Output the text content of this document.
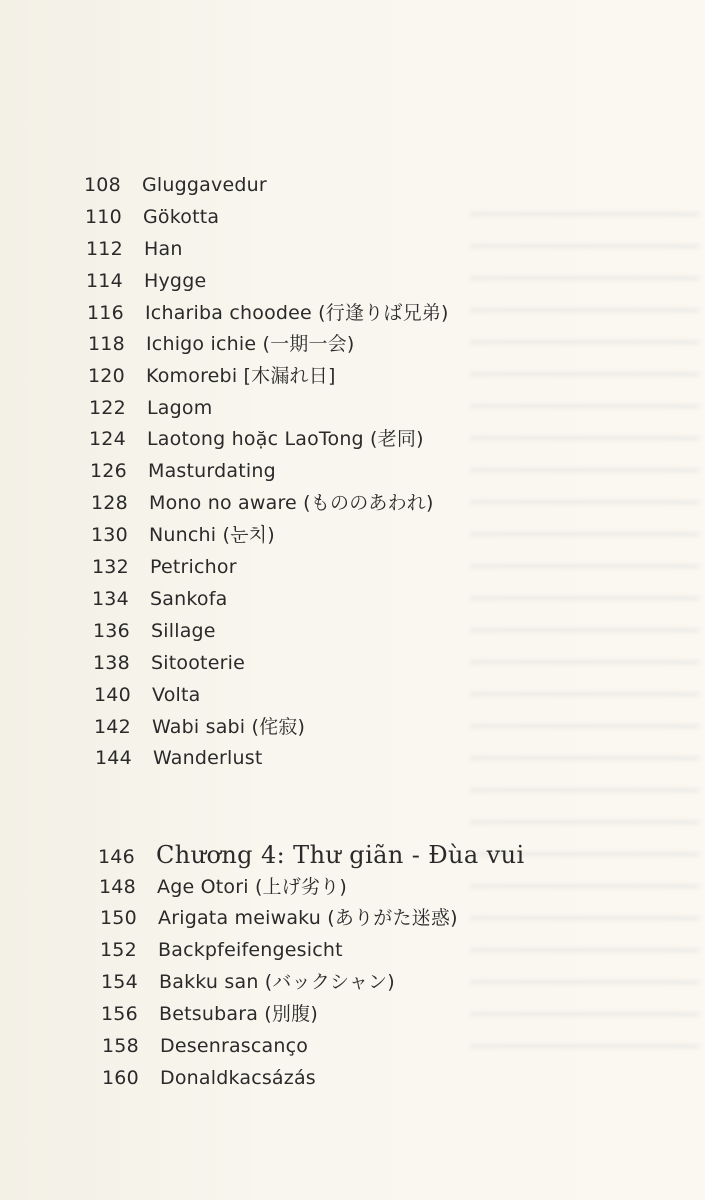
108 Gluggavedur
110 Gökotta
112 Han
114 Hygge
116 Ichariba choodee (行逢りば兄弟)
118 Ichigo ichie (一期一会)
120 Komorebi [木漏れ日]
122 Lagom
124 Laotong hoặc LaoTong (老同)
126 Masturdating
128 Mono no aware (もののあわれ)
130 Nunchi (눈치)
132 Petrichor
134 Sankofa
136 Sillage
138 Sitooterie
140 Volta
142 Wabi sabi (侘寂)
144 Wanderlust
146 Chương 4: Thư giãn - Đùa vui
148 Age Otori (上げ劣り)
150 Arigata meiwaku (ありがた迷惑)
152 Backpfeifengesicht
154 Bakku san (バックシャン)
156 Betsubara (別腹)
158 Desenrascanço
160 Donaldkacsázás
